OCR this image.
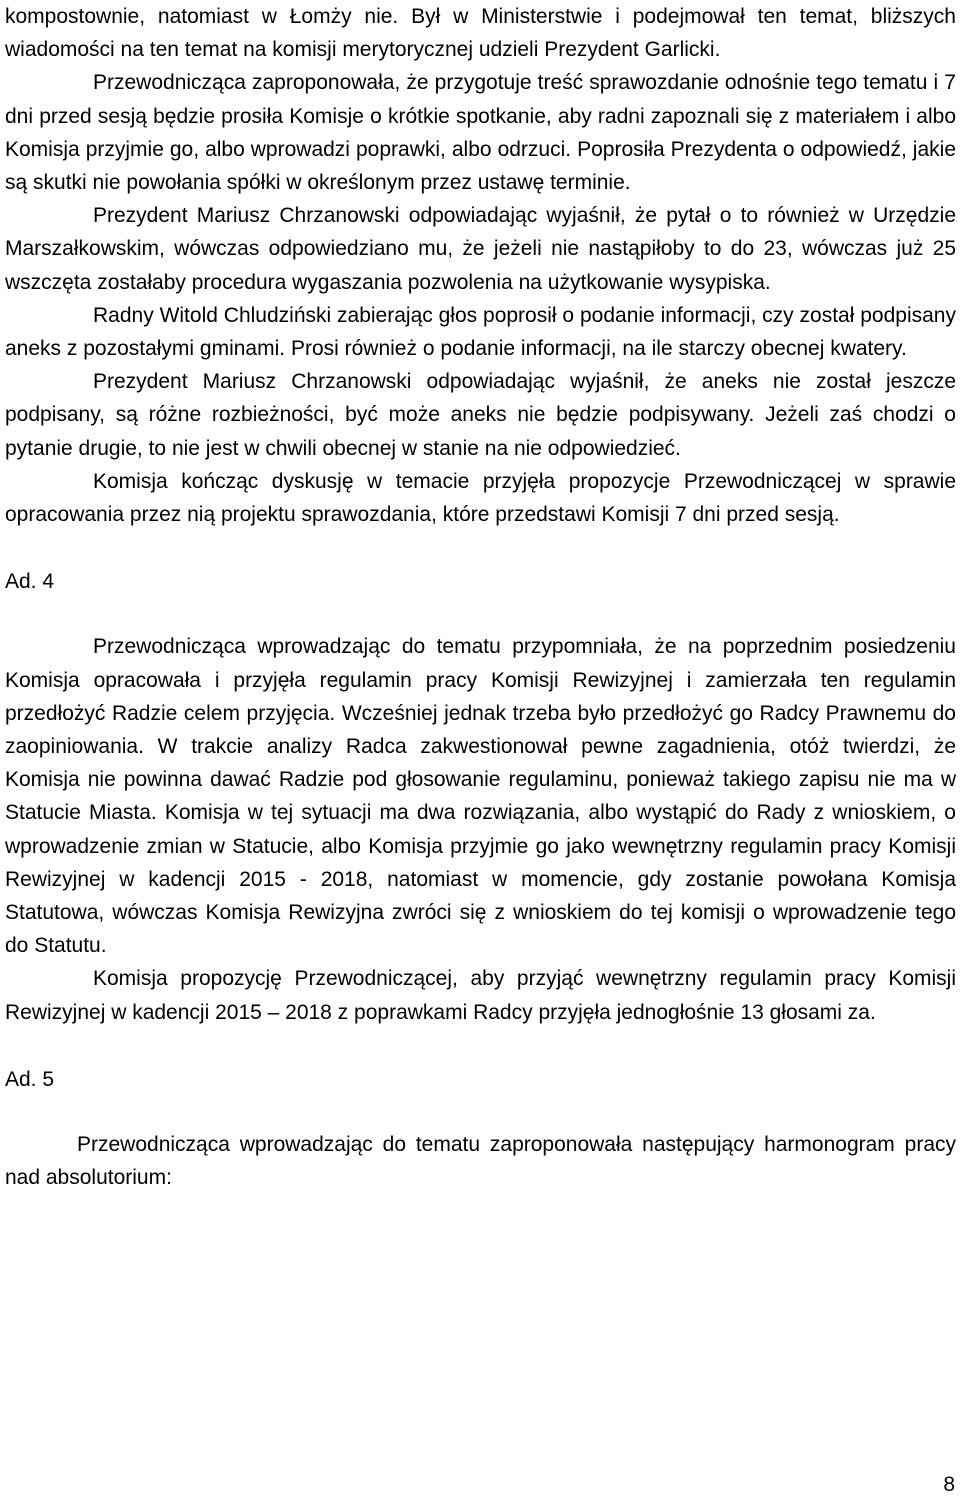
kompostownie, natomiast w Łomży nie. Był w Ministerstwie i podejmował ten temat, bliższych wiadomości na ten temat na komisji merytorycznej udzieli Prezydent Garlicki.

Przewodnicząca zaproponowała, że przygotuje treść sprawozdanie odnośnie tego tematu i 7 dni przed sesją będzie prosiła Komisje o krótkie spotkanie, aby radni zapoznali się z materiałem i albo Komisja przyjmie go, albo wprowadzi poprawki, albo odrzuci. Poprosiła Prezydenta o odpowiedź, jakie są skutki nie powołania spółki w określonym przez ustawę terminie.

Prezydent Mariusz Chrzanowski odpowiadając wyjaśnił, że pytał o to również w Urzędzie Marszałkowskim, wówczas odpowiedziano mu, że jeżeli nie nastąpiłoby to do 23, wówczas już 25 wszczęta zostałaby procedura wygaszania pozwolenia na użytkowanie wysypiska.

Radny Witold Chludziński zabierając głos poprosił o podanie informacji, czy został podpisany aneks z pozostałymi gminami. Prosi również o podanie informacji, na ile starczy obecnej kwatery.

Prezydent Mariusz Chrzanowski odpowiadając wyjaśnił, że aneks nie został jeszcze podpisany, są różne rozbieżności, być może aneks nie będzie podpisywany. Jeżeli zaś chodzi o pytanie drugie, to nie jest w chwili obecnej w stanie na nie odpowiedzieć.

Komisja kończąc dyskusję w temacie przyjęła propozycje Przewodniczącej w sprawie opracowania przez nią projektu sprawozdania, które przedstawi Komisji 7 dni przed sesją.

Ad. 4

Przewodnicząca wprowadzając do tematu przypomniała, że na poprzednim posiedzeniu Komisja opracowała i przyjęła regulamin pracy Komisji Rewizyjnej i zamierzała ten regulamin przedłożyć Radzie celem przyjęcia. Wcześniej jednak trzeba było przedłożyć go Radcy Prawnemu do zaopiniowania. W trakcie analizy Radca zakwestionował pewne zagadnienia, otóż twierdzi, że Komisja nie powinna dawać Radzie pod głosowanie regulaminu, ponieważ takiego zapisu nie ma w Statucie Miasta. Komisja w tej sytuacji ma dwa rozwiązania, albo wystąpić do Rady z wnioskiem, o wprowadzenie zmian w Statucie, albo Komisja przyjmie go jako wewnętrzny regulamin pracy Komisji Rewizyjnej w kadencji 2015 - 2018, natomiast w momencie, gdy zostanie powołana Komisja Statutowa, wówczas Komisja Rewizyjna zwróci się z wnioskiem do tej komisji o wprowadzenie tego do Statutu.

Komisja propozycję Przewodniczącej, aby przyjąć wewnętrzny regulamin pracy Komisji Rewizyjnej w kadencji 2015 – 2018 z poprawkami Radcy przyjęła jednogłośnie 13 głosami za.

Ad. 5

Przewodnicząca wprowadzając do tematu zaproponowała następujący harmonogram pracy nad absolutorium:

8
